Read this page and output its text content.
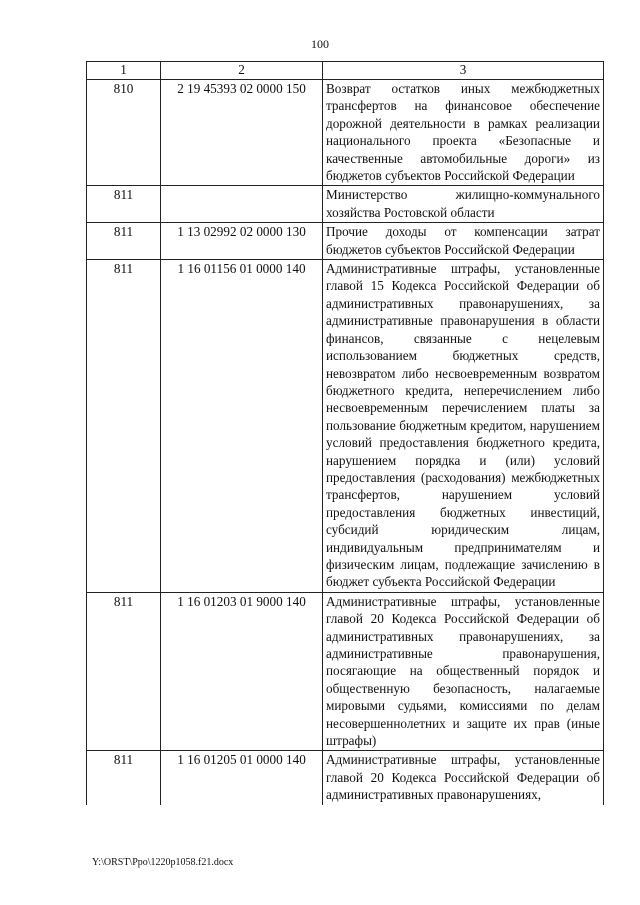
100
1	2	3
810	2 19 45393 02 0000 150	Возврат остатков иных межбюджетных трансфертов на финансовое обеспечение дорожной деятельности в рамках реализации национального проекта «Безопасные и качественные автомобильные дороги» из бюджетов субъектов Российской Федерации
811		Министерство жилищно-коммунального хозяйства Ростовской области
811	1 13 02992 02 0000 130	Прочие доходы от компенсации затрат бюджетов субъектов Российской Федерации
811	1 16 01156 01 0000 140	Административные штрафы, установленные главой 15 Кодекса Российской Федерации об административных правонарушениях, за административные правонарушения в области финансов, связанные с нецелевым использованием бюджетных средств, невозвратом либо несвоевременным возвратом бюджетного кредита, неперечислением либо несвоевременным перечислением платы за пользование бюджетным кредитом, нарушением условий предоставления бюджетного кредита, нарушением порядка и (или) условий предоставления (расходования) межбюджетных трансфертов, нарушением условий предоставления бюджетных инвестиций, субсидий юридическим лицам, индивидуальным предпринимателям и физическим лицам, подлежащие зачислению в бюджет субъекта Российской Федерации
811	1 16 01203 01 9000 140	Административные штрафы, установленные главой 20 Кодекса Российской Федерации об административных правонарушениях, за административные правонарушения, посягающие на общественный порядок и общественную безопасность, налагаемые мировыми судьями, комиссиями по делам несовершеннолетних и защите их прав (иные штрафы)
811	1 16 01205 01 0000 140	Административные штрафы, установленные главой 20 Кодекса Российской Федерации об административных правонарушениях,
Y:\ORST\Ppo\1220p1058.f21.docx
